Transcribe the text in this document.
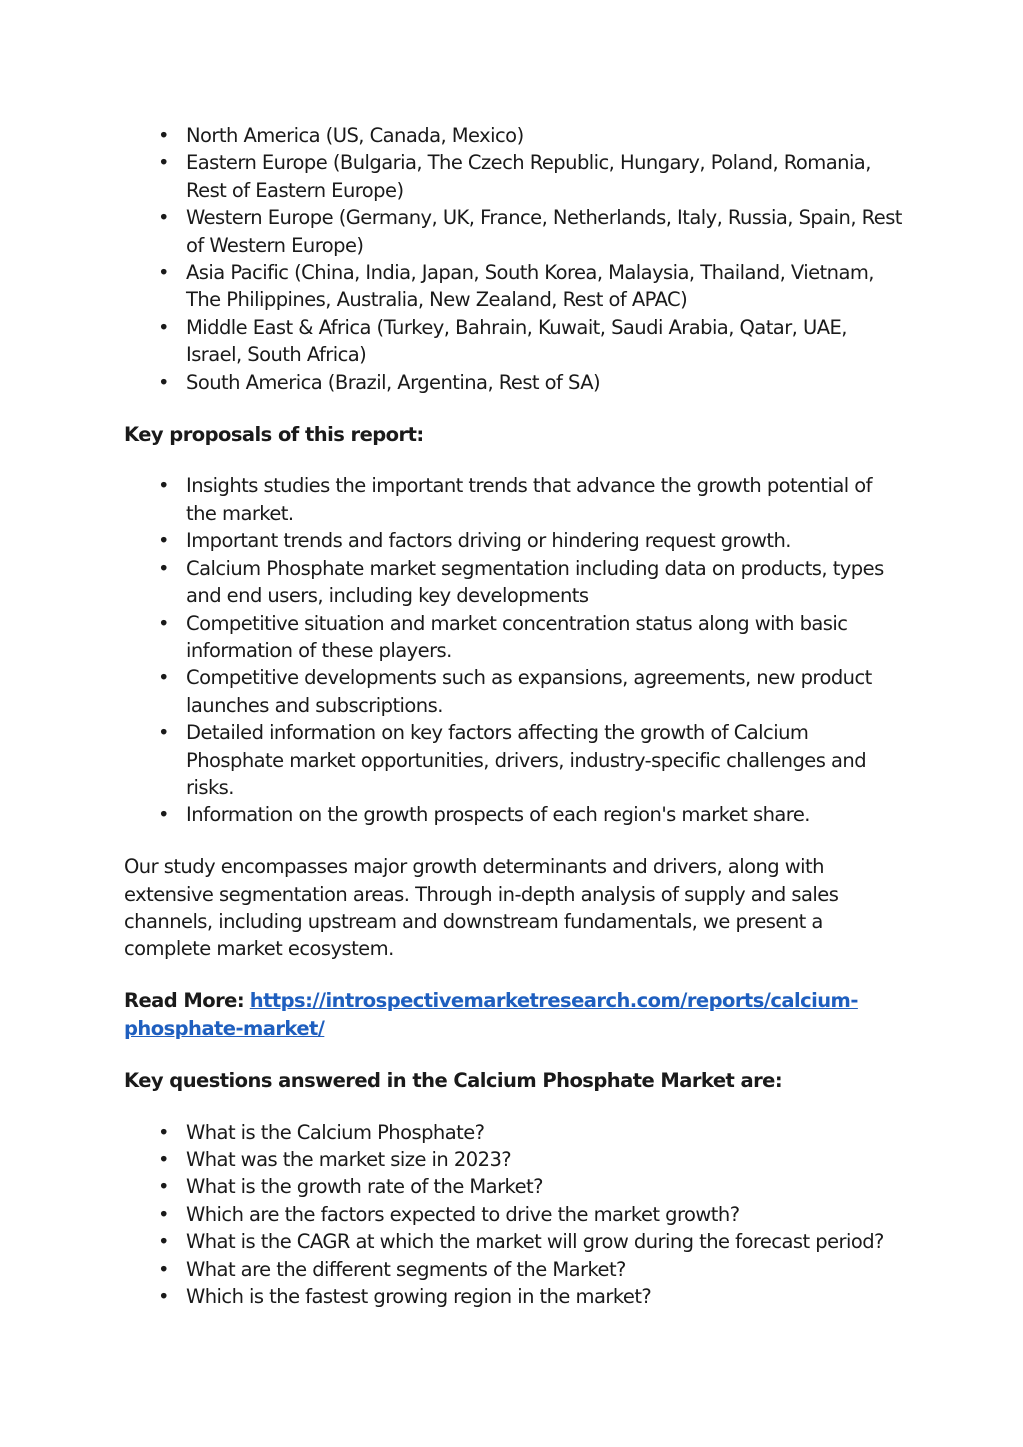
• North America (US, Canada, Mexico)
• Eastern Europe (Bulgaria, The Czech Republic, Hungary, Poland, Romania, Rest of Eastern Europe)
• Western Europe (Germany, UK, France, Netherlands, Italy, Russia, Spain, Rest of Western Europe)
• Asia Pacific (China, India, Japan, South Korea, Malaysia, Thailand, Vietnam, The Philippines, Australia, New Zealand, Rest of APAC)
• Middle East & Africa (Turkey, Bahrain, Kuwait, Saudi Arabia, Qatar, UAE, Israel, South Africa)
• South America (Brazil, Argentina, Rest of SA)

Key proposals of this report:

• Insights studies the important trends that advance the growth potential of the market.
• Important trends and factors driving or hindering request growth.
• Calcium Phosphate market segmentation including data on products, types and end users, including key developments
• Competitive situation and market concentration status along with basic information of these players.
• Competitive developments such as expansions, agreements, new product launches and subscriptions.
• Detailed information on key factors affecting the growth of Calcium Phosphate market opportunities, drivers, industry-specific challenges and risks.
• Information on the growth prospects of each region's market share.

Our study encompasses major growth determinants and drivers, along with extensive segmentation areas. Through in-depth analysis of supply and sales channels, including upstream and downstream fundamentals, we present a complete market ecosystem.

Read More: https://introspectivemarketresearch.com/reports/calcium-phosphate-market/

Key questions answered in the Calcium Phosphate Market are:

• What is the Calcium Phosphate?
• What was the market size in 2023?
• What is the growth rate of the Market?
• Which are the factors expected to drive the market growth?
• What is the CAGR at which the market will grow during the forecast period?
• What are the different segments of the Market?
• Which is the fastest growing region in the market?
